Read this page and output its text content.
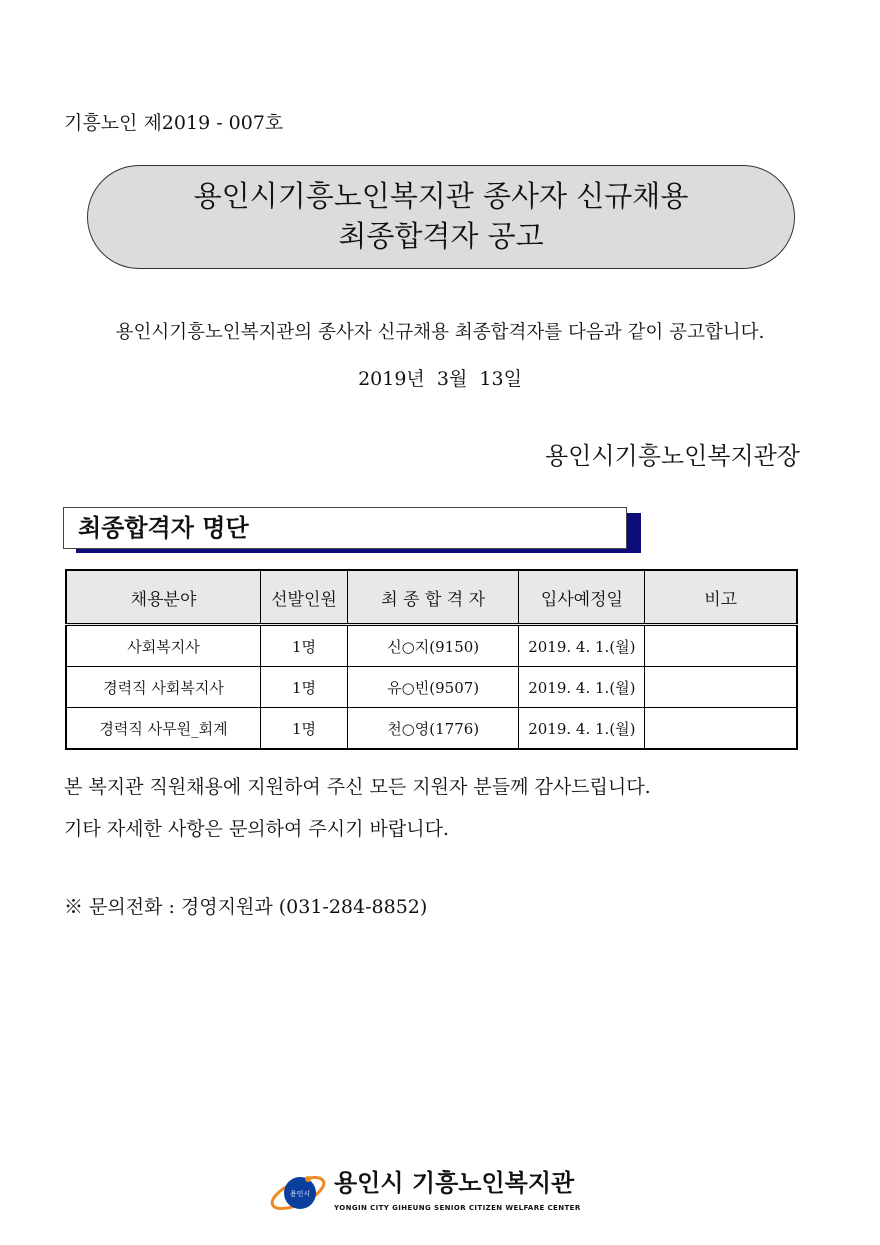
기흥노인 제2019 - 007호
용인시기흥노인복지관 종사자 신규채용
최종합격자 공고
용인시기흥노인복지관의 종사자 신규채용 최종합격자를 다음과 같이 공고합니다.
2019년  3월  13일
용인시기흥노인복지관장
최종합격자 명단
채용분야	선발인원	최 종 합 격 자	입사예정일	비고
사회복지사	1명	신○지(9150)	2019. 4. 1.(월)	
경력직 사회복지사	1명	유○빈(9507)	2019. 4. 1.(월)	
경력직 사무원_회계	1명	천○영(1776)	2019. 4. 1.(월)	
본 복지관 직원채용에 지원하여 주신 모든 지원자 분들께 감사드립니다.
기타 자세한 사항은 문의하여 주시기 바랍니다.
※ 문의전화 : 경영지원과 (031-284-8852)
용인시 용인시 기흥노인복지관
YONGIN CITY GIHEUNG SENIOR CITIZEN WELFARE CENTER
